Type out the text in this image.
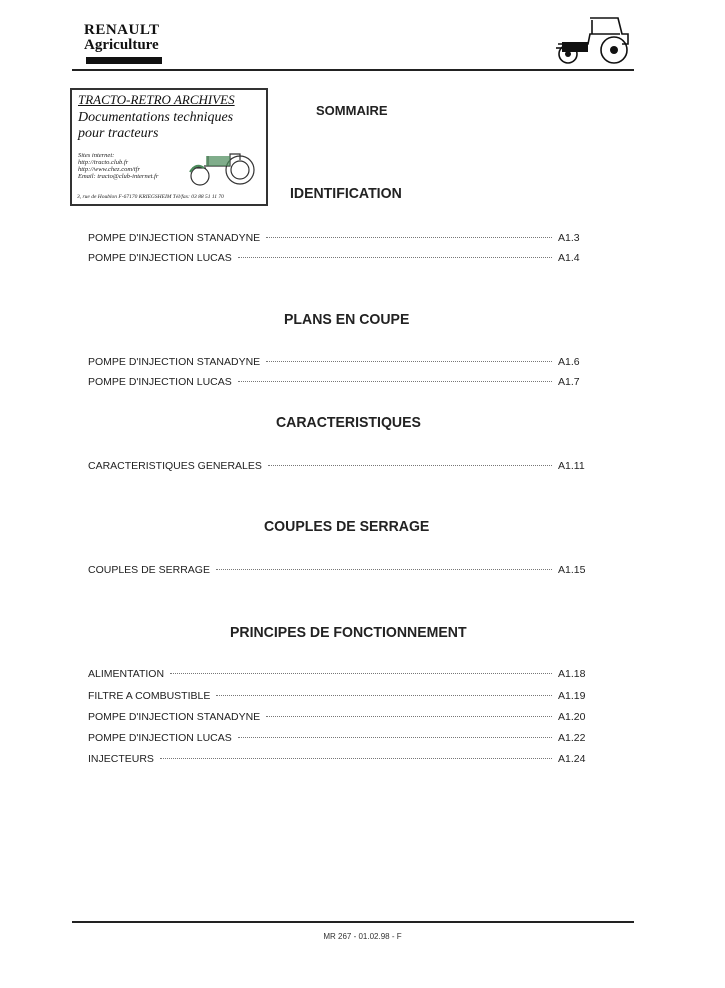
RENAULT
Agriculture
TRACTO-RETRO ARCHIVES
Documentations techniques
pour tracteurs
Sites internet:
http://tracto.club.fr
http://www.chez.com/tfr
Email: tracto@club-internet.fr
3, rue de Houblon F-67170 KRIEGSHEIM Tél/fax: 03 88 51 11 70
SOMMAIRE
IDENTIFICATION
POMPE D'INJECTION STANADYNE	A1.3
POMPE D'INJECTION LUCAS	A1.4
PLANS EN COUPE
POMPE D'INJECTION STANADYNE	A1.6
POMPE D'INJECTION LUCAS	A1.7
CARACTERISTIQUES
CARACTERISTIQUES GENERALES	A1.11
COUPLES DE SERRAGE
COUPLES DE SERRAGE	A1.15
PRINCIPES DE FONCTIONNEMENT
ALIMENTATION	A1.18
FILTRE A COMBUSTIBLE	A1.19
POMPE D'INJECTION STANADYNE	A1.20
POMPE D'INJECTION LUCAS	A1.22
INJECTEURS	A1.24
MR 267 - 01.02.98 - F
